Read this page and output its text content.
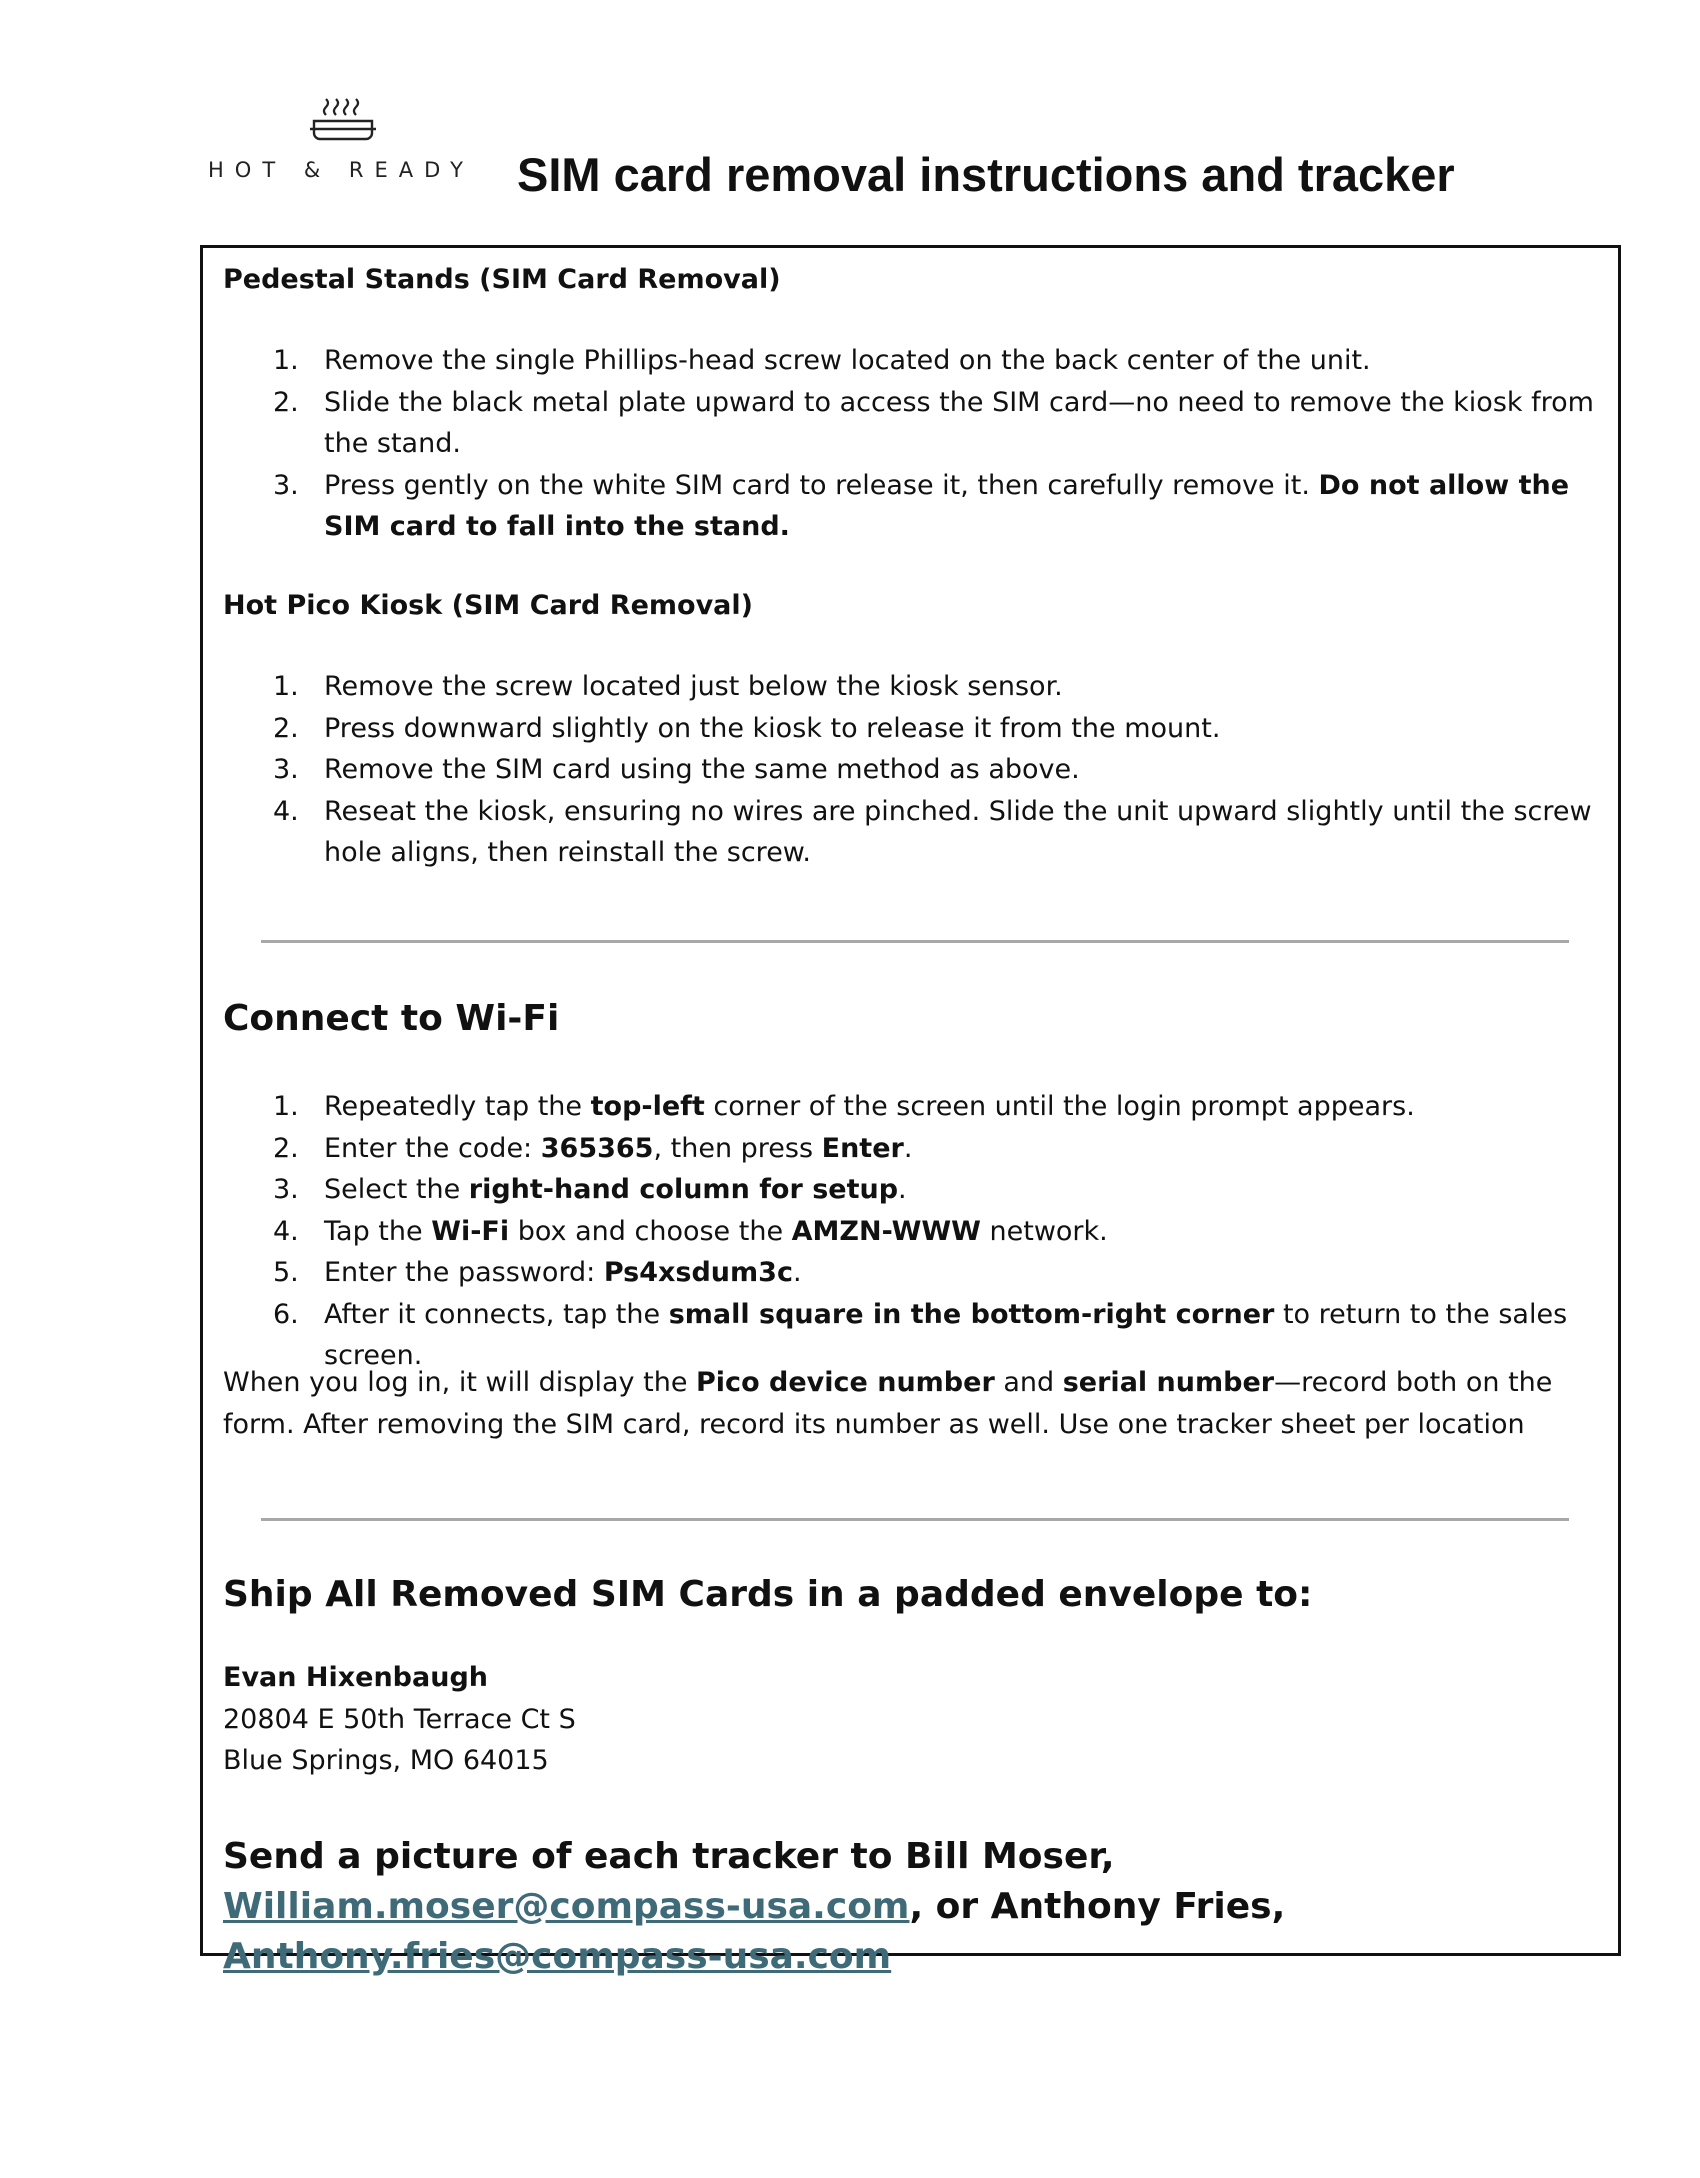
HOT & READY SIM card removal instructions and tracker
Pedestal Stands (SIM Card Removal)
1. Remove the single Phillips-head screw located on the back center of the unit.
2. Slide the black metal plate upward to access the SIM card—no need to remove the kiosk from the stand.
3. Press gently on the white SIM card to release it, then carefully remove it. Do not allow the SIM card to fall into the stand.
Hot Pico Kiosk (SIM Card Removal)
1. Remove the screw located just below the kiosk sensor.
2. Press downward slightly on the kiosk to release it from the mount.
3. Remove the SIM card using the same method as above.
4. Reseat the kiosk, ensuring no wires are pinched. Slide the unit upward slightly until the screw hole aligns, then reinstall the screw.
Connect to Wi-Fi
1. Repeatedly tap the top-left corner of the screen until the login prompt appears.
2. Enter the code: 365365, then press Enter.
3. Select the right-hand column for setup.
4. Tap the Wi-Fi box and choose the AMZN-WWW network.
5. Enter the password: Ps4xsdum3c.
6. After it connects, tap the small square in the bottom-right corner to return to the sales screen.
When you log in, it will display the Pico device number and serial number—record both on the form. After removing the SIM card, record its number as well. Use one tracker sheet per location
Ship All Removed SIM Cards in a padded envelope to:
Evan Hixenbaugh
20804 E 50th Terrace Ct S
Blue Springs, MO 64015
Send a picture of each tracker to Bill Moser, William.moser@compass-usa.com, or Anthony Fries, Anthony.fries@compass-usa.com
